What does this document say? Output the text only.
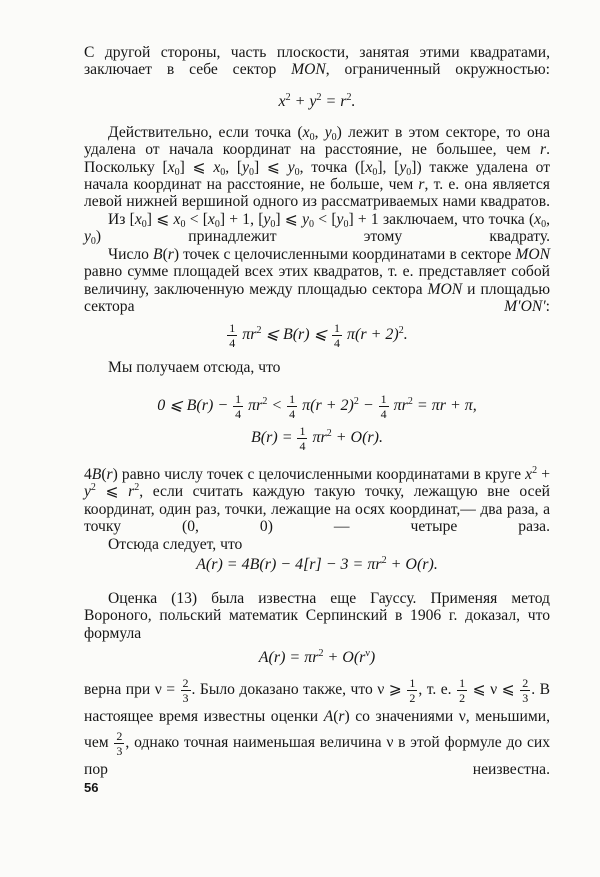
С другой стороны, часть плоскости, занятая этими квадратами, заключает в себе сектор MON, ограниченный окружностью:

$x^2 + y^2 = r^2$.

Действительно, если точка ($x_0$, $y_0$) лежит в этом секторе, то она удалена от начала координат на расстояние, не большее, чем r. Поскольку $[x_0]$ ⩽ $x_0$, $[y_0]$ ⩽ $y_0$, точка ($[x_0]$, $[y_0]$) также удалена от начала координат на расстояние, не больше, чем r, т. е. она является левой нижней вершиной одного из рассматриваемых нами квадратов.

Из $[x_0]$ ⩽ $x_0 < [x_0] + 1$, $[y_0]$ ⩽ $y_0 < [y_0] + 1$ заключаем, что точка ($x_0$, $y_0$) принадлежит этому квадрату.

Число B(r) точек с целочисленными координатами в секторе MON равно сумме площадей всех этих квадратов, т. е. представляет собой величину, заключенную между площадью сектора MON и площадью сектора M′ON′:

$\frac{1}{4} \pi r^2$ ⩽ B(r) ⩽ $\frac{1}{4} \pi(r + 2)^2$.

Мы получаем отсюда, что

0 ⩽ $B(r) - \frac{1}{4} \pi r^2 < \frac{1}{4} \pi(r + 2)^2 - \frac{1}{4} \pi r^2 = \pi r + \pi$,
$B(r) = \frac{1}{4} \pi r^2 + O(r)$.

4B(r) равно числу точек с целочисленными координатами в круге $x^2 + y^2$ ⩽ $r^2$, если считать каждую такую точку, лежащую вне осей координат, один раз, точки, лежащие на осях координат,— два раза, а точку (0, 0) — четыре раза.

Отсюда следует, что

$A(r) = 4B(r) - 4[r] - 3 = \pi r^2 + O(r)$.

Оценка (13) была известна еще Гауссу. Применяя метод Вороного, польский математик Серпинский в 1906 г. доказал, что формула

$A(r) = \pi r^2 + O(r^\nu)$

верна при $\nu = \frac{2}{3}$ . Было доказано также, что ν ⩾ $\frac{1}{2}$ , т. е. $\frac{1}{2}$ ⩽ ν ⩽ $\frac{2}{3}$ . В настоящее время известны оценки A(r) со значениями ν, меньшими, чем $\frac{2}{3}$ , однако точная наименьшая величина ν в этой формуле до сих пор неизвестна.

56
